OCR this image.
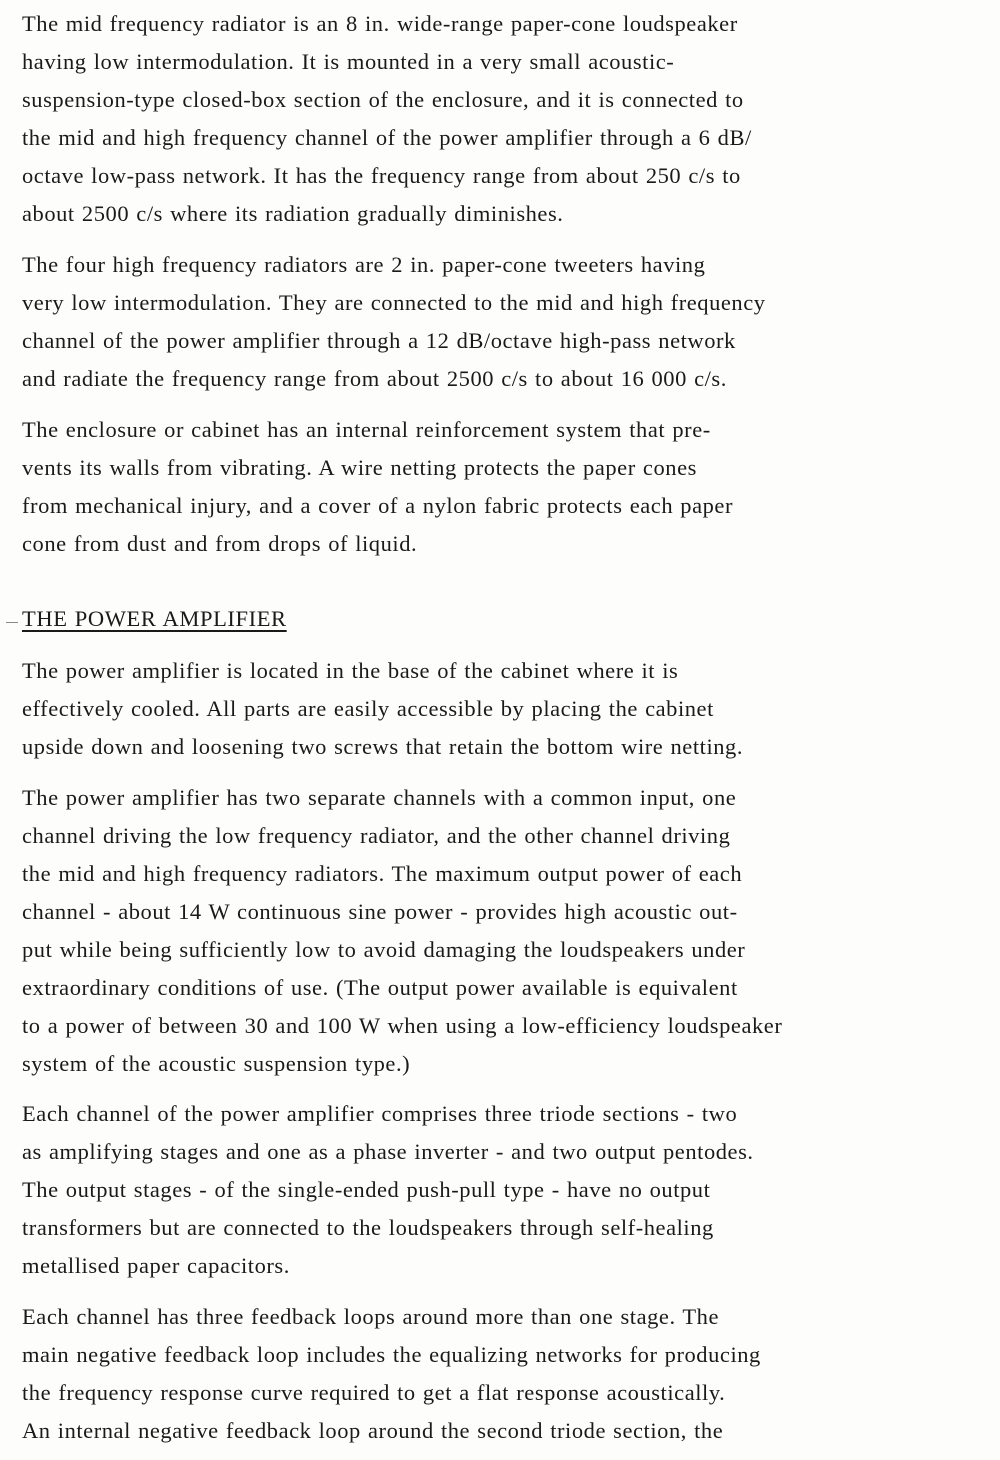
The mid frequency radiator is an 8 in. wide-range paper-cone loudspeaker
having low intermodulation. It is mounted in a very small acoustic-
suspension-type closed-box section of the enclosure, and it is connected to
the mid and high frequency channel of the power amplifier through a 6 dB/
octave low-pass network. It has the frequency range from about 250 c/s to
about 2500 c/s where its radiation gradually diminishes.
The four high frequency radiators are 2 in. paper-cone tweeters having
very low intermodulation. They are connected to the mid and high frequency
channel of the power amplifier through a 12 dB/octave high-pass network
and radiate the frequency range from about 2500 c/s to about 16 000 c/s.
The enclosure or cabinet has an internal reinforcement system that pre-
vents its walls from vibrating. A wire netting protects the paper cones
from mechanical injury, and a cover of a nylon fabric protects each paper
cone from dust and from drops of liquid.
THE POWER AMPLIFIER
The power amplifier is located in the base of the cabinet where it is
effectively cooled. All parts are easily accessible by placing the cabinet
upside down and loosening two screws that retain the bottom wire netting.
The power amplifier has two separate channels with a common input, one
channel driving the low frequency radiator, and the other channel driving
the mid and high frequency radiators. The maximum output power of each
channel - about 14 W continuous sine power - provides high acoustic out-
put while being sufficiently low to avoid damaging the loudspeakers under
extraordinary conditions of use. (The output power available is equivalent
to a power of between 30 and 100 W when using a low-efficiency loudspeaker
system of the acoustic suspension type.)
Each channel of the power amplifier comprises three triode sections - two
as amplifying stages and one as a phase inverter - and two output pentodes.
The output stages - of the single-ended push-pull type - have no output
transformers but are connected to the loudspeakers through self-healing
metallised paper capacitors.
Each channel has three feedback loops around more than one stage. The
main negative feedback loop includes the equalizing networks for producing
the frequency response curve required to get a flat response acoustically.
An internal negative feedback loop around the second triode section, the
